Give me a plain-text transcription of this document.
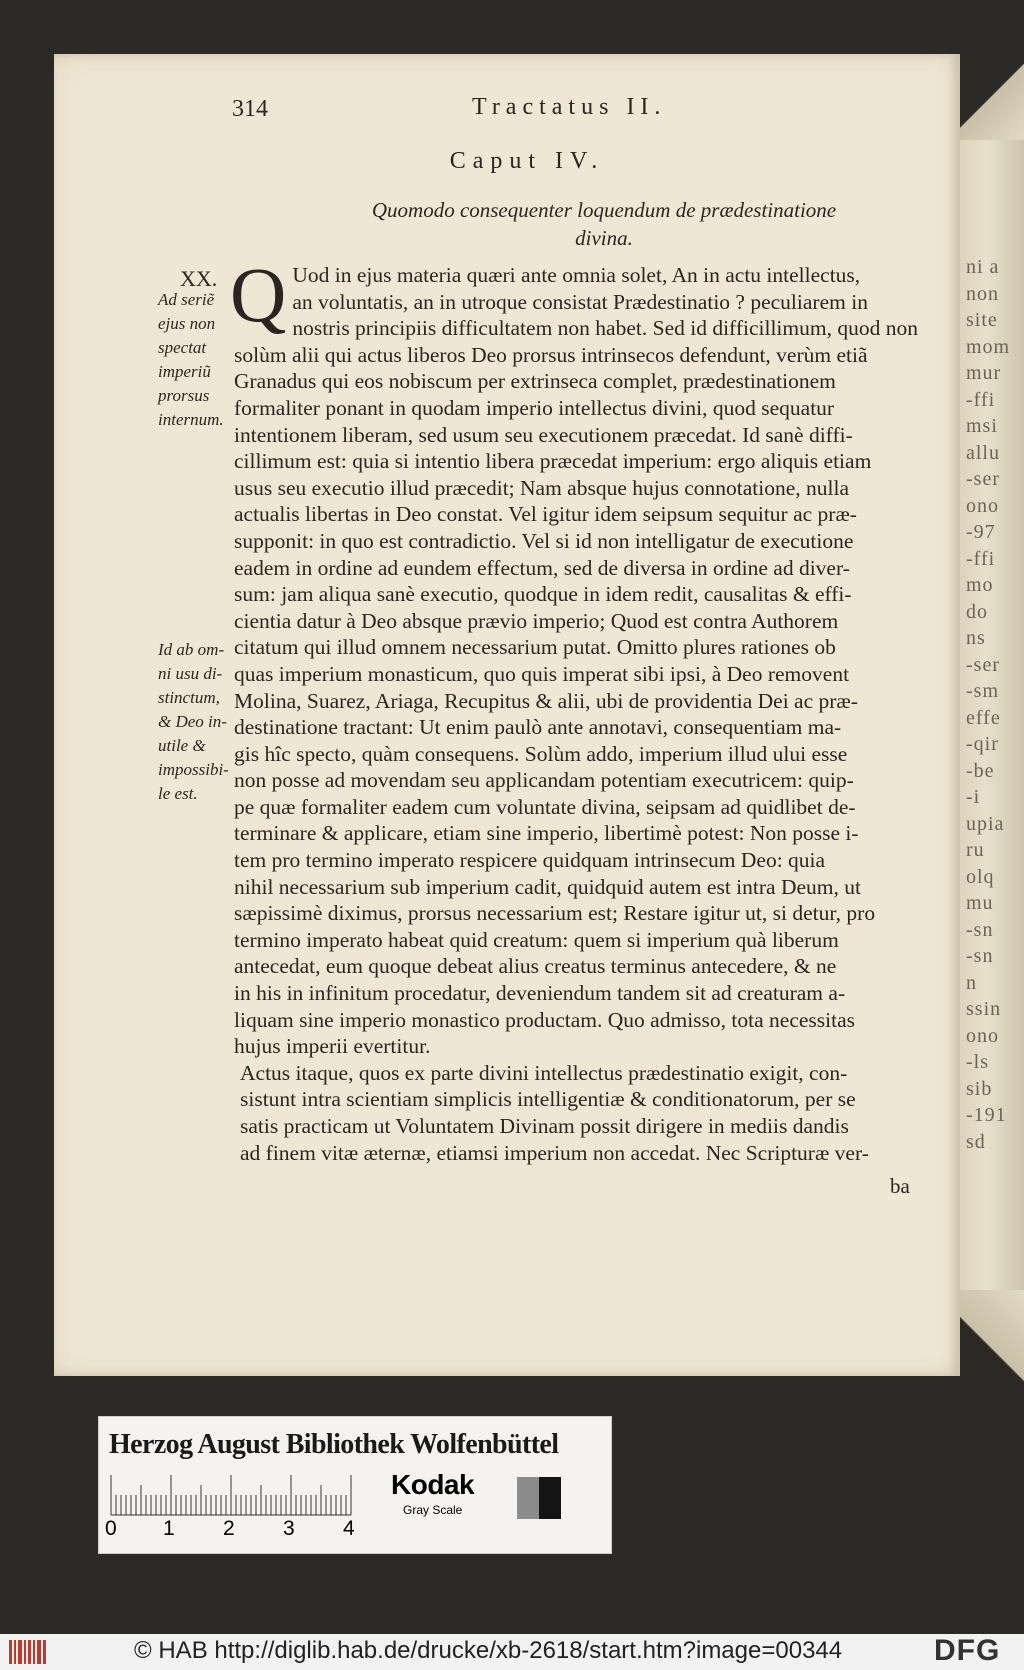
ni a
non
site
mom
mur
-ffi
msi
allu
-ser
ono
-97
-ffi
mo
do
ns
-ser
-sm
effe
-qir
-be
-i
upia
ru
olq
mu
-sn
-sn
n
ssin
ono
-ls
sib
-191
sd
314	Tractatus II.
Caput IV.
Quomodo consequenter loquendum de prædestinatione
divina.
XX.
Ad seriẽ
ejus non
spectat
imperiũ
prorsus
internum.
Id ab om-
ni usu di-
stinctum,
& Deo in-
utile &
impossibi-
le est.
Q Uod in ejus materia quæri ante omnia solet, An in actu intellectus,
an voluntatis, an in utroque consistat Prædestinatio ? peculiarem in
nostris principiis difficultatem non habet. Sed id difficillimum, quod non
solùm alii qui actus liberos Deo prorsus intrinsecos defendunt, verùm etiã
Granadus qui eos nobiscum per extrinseca complet, prædestinationem
formaliter ponant in quodam imperio intellectus divini, quod sequatur
intentionem liberam, sed usum seu executionem præcedat. Id sanè diffi-
cillimum est: quia si intentio libera præcedat imperium: ergo aliquis etiam
usus seu executio illud præcedit; Nam absque hujus connotatione, nulla
actualis libertas in Deo constat. Vel igitur idem seipsum sequitur ac præ-
supponit: in quo est contradictio. Vel si id non intelligatur de executione
eadem in ordine ad eundem effectum, sed de diversa in ordine ad diver-
sum: jam aliqua sanè executio, quodque in idem redit, causalitas & effi-
cientia datur à Deo absque prævio imperio; Quod est contra Authorem
citatum qui illud omnem necessarium putat. Omitto plures rationes ob
quas imperium monasticum, quo quis imperat sibi ipsi, à Deo removent
Molina, Suarez, Ariaga, Recupitus & alii, ubi de providentia Dei ac præ-
destinatione tractant: Ut enim paulò ante annotavi, consequentiam ma-
gis hîc specto, quàm consequens. Solùm addo, imperium illud ului esse
non posse ad movendam seu applicandam potentiam executricem: quip-
pe quæ formaliter eadem cum voluntate divina, seipsam ad quidlibet de-
terminare & applicare, etiam sine imperio, libertimè potest: Non posse i-
tem pro termino imperato respicere quidquam intrinsecum Deo: quia
nihil necessarium sub imperium cadit, quidquid autem est intra Deum, ut
sæpissimè diximus, prorsus necessarium est; Restare igitur ut, si detur, pro
termino imperato habeat quid creatum: quem si imperium quà liberum
antecedat, eum quoque debeat alius creatus terminus antecedere, & ne
in his in infinitum procedatur, deveniendum tandem sit ad creaturam a-
liquam sine imperio monastico productam. Quo admisso, tota necessitas
hujus imperii evertitur.
Actus itaque, quos ex parte divini intellectus prædestinatio exigit, con-
sistunt intra scientiam simplicis intelligentiæ & conditionatorum, per se
satis practicam ut Voluntatem Divinam possit dirigere in mediis dandis
ad finem vitæ æternæ, etiamsi imperium non accedat. Nec Scripturæ ver-
ba
Herzog August Bibliothek Wolfenbüttel
0 1 2 3 4
Kodak
Gray Scale
© HAB http://diglib.hab.de/drucke/xb-2618/start.htm?image=00344	DFG
